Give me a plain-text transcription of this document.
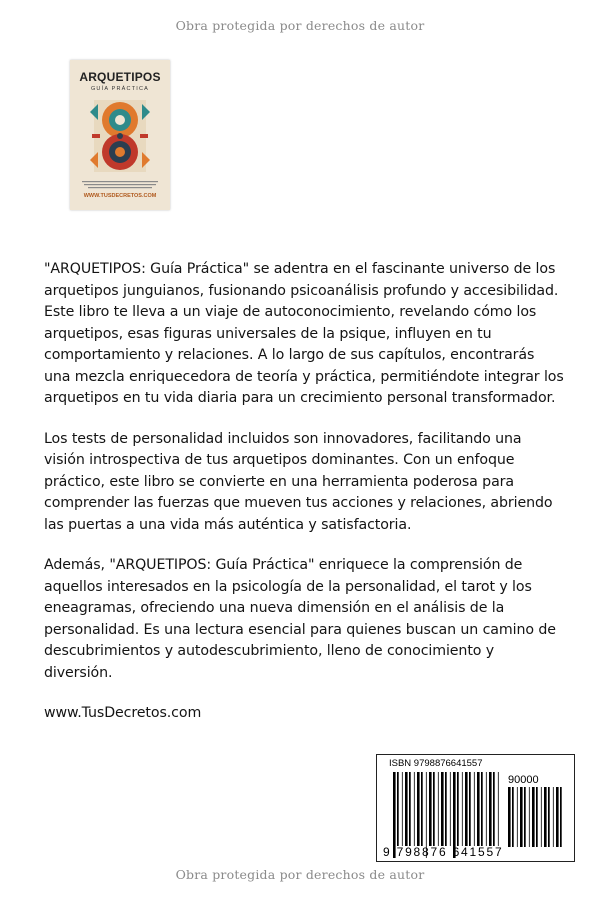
Obra protegida por derechos de autor
ARQUETIPOS
GUÍA PRÁCTICA
WWW.TUSDECRETOS.COM

"ARQUETIPOS: Guía Práctica" se adentra en el fascinante universo de los arquetipos junguianos, fusionando psicoanálisis profundo y accesibilidad. Este libro te lleva a un viaje de autoconocimiento, revelando cómo los arquetipos, esas figuras universales de la psique, influyen en tu comportamiento y relaciones. A lo largo de sus capítulos, encontrarás una mezcla enriquecedora de teoría y práctica, permitiéndote integrar los arquetipos en tu vida diaria para un crecimiento personal transformador.

Los tests de personalidad incluidos son innovadores, facilitando una visión introspectiva de tus arquetipos dominantes. Con un enfoque práctico, este libro se convierte en una herramienta poderosa para comprender las fuerzas que mueven tus acciones y relaciones, abriendo las puertas a una vida más auténtica y satisfactoria.

Además, "ARQUETIPOS: Guía Práctica" enriquece la comprensión de aquellos interesados en la psicología de la personalidad, el tarot y los eneagramas, ofreciendo una nueva dimensión en el análisis de la personalidad. Es una lectura esencial para quienes buscan un camino de descubrimientos y autodescubrimiento, lleno de conocimiento y diversión.

www.TusDecretos.com

ISBN 9798876641557
90000
9 798876 641557
Obra protegida por derechos de autor
